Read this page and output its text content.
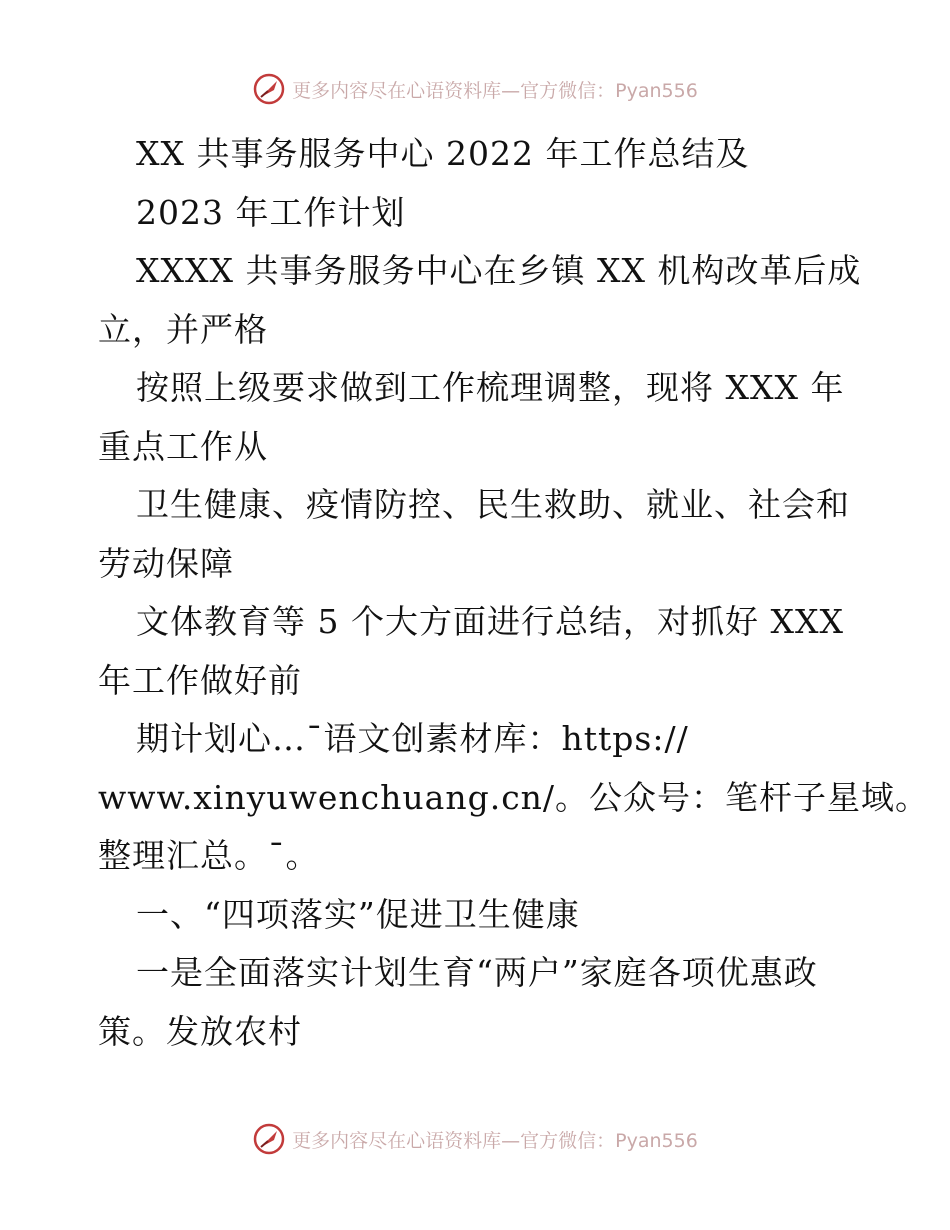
更多内容尽在心语资料库—官方微信：Pyan556
XX 共事务服务中心 2022 年工作总结及
2023 年工作计划
XXXX 共事务服务中心在乡镇 XX 机构改革后成
立，并严格
按照上级要求做到工作梳理调整，现将 XXX 年
重点工作从
卫生健康、疫情防控、民生救助、就业、社会和
劳动保障
文体教育等 5 个大方面进行总结，对抓好 XXX
年工作做好前
期计划心…¯语文创素材库：https://
www.xinyuwenchuang.cn/。公众号：笔杆子星域。
整理汇总。¯。
一、“四项落实”促进卫生健康
一是全面落实计划生育“两户”家庭各项优惠政
策。发放农村
更多内容尽在心语资料库—官方微信：Pyan556
